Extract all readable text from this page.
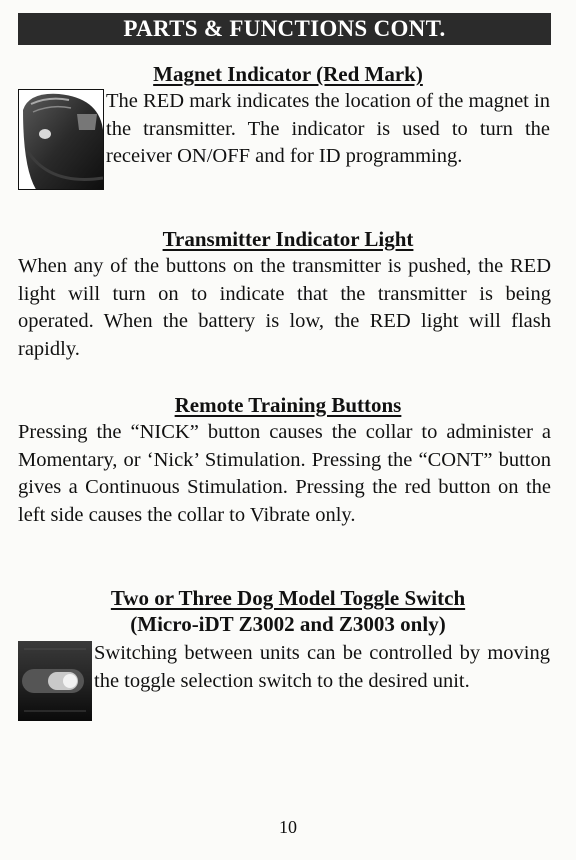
PARTS & FUNCTIONS CONT.
Magnet Indicator (Red Mark)

The RED mark indicates the location of the magnet in the transmitter. The indicator is used to turn the receiver ON/OFF and for ID programming.

Transmitter Indicator Light

When any of the buttons on the transmitter is pushed, the RED light will turn on to indicate that the transmitter is being operated. When the battery is low, the RED light will flash rapidly.

Remote Training Buttons

Pressing the “NICK” button causes the collar to administer a Momentary, or ‘Nick’ Stimulation. Pressing the “CONT” button gives a Continuous Stimulation. Pressing the red button on the left side causes the collar to Vibrate only.

Two or Three Dog Model Toggle Switch
(Micro-iDT Z3002 and Z3003 only)

Switching between units can be controlled by moving the toggle selection switch to the desired unit.

10
